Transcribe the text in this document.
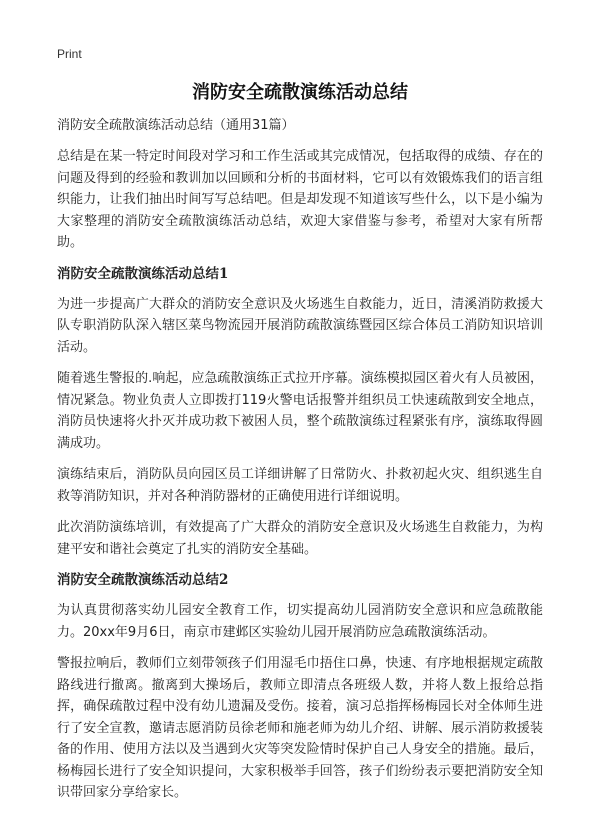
Print
消防安全疏散演练活动总结
消防安全疏散演练活动总结（通用31篇）

总结是在某一特定时间段对学习和工作生活或其完成情况，包括取得的成绩、存在的问题及得到的经验和教训加以回顾和分析的书面材料，它可以有效锻炼我们的语言组织能力，让我们抽出时间写写总结吧。但是却发现不知道该写些什么，以下是小编为大家整理的消防安全疏散演练活动总结，欢迎大家借鉴与参考，希望对大家有所帮助。

消防安全疏散演练活动总结1

为进一步提高广大群众的消防安全意识及火场逃生自救能力，近日，清溪消防救援大队专职消防队深入辖区菜鸟物流园开展消防疏散演练暨园区综合体员工消防知识培训活动。

随着逃生警报的.响起，应急疏散演练正式拉开序幕。演练模拟园区着火有人员被困，情况紧急。物业负责人立即拨打119火警电话报警并组织员工快速疏散到安全地点，消防员快速将火扑灭并成功救下被困人员，整个疏散演练过程紧张有序，演练取得圆满成功。

演练结束后，消防队员向园区员工详细讲解了日常防火、扑救初起火灾、组织逃生自救等消防知识，并对各种消防器材的正确使用进行详细说明。

此次消防演练培训，有效提高了广大群众的消防安全意识及火场逃生自救能力，为构建平安和谐社会奠定了扎实的消防安全基础。

消防安全疏散演练活动总结2

为认真贯彻落实幼儿园安全教育工作，切实提高幼儿园消防安全意识和应急疏散能力。20xx年9月6日，南京市建邺区实验幼儿园开展消防应急疏散演练活动。

警报拉响后，教师们立刻带领孩子们用湿毛巾捂住口鼻，快速、有序地根据规定疏散路线进行撤离。撤离到大操场后，教师立即清点各班级人数，并将人数上报给总指挥，确保疏散过程中没有幼儿遗漏及受伤。接着，演习总指挥杨梅园长对全体师生进行了安全宣教，邀请志愿消防员徐老师和施老师为幼儿介绍、讲解、展示消防救援装备的作用、使用方法以及当遇到火灾等突发险情时保护自己人身安全的措施。最后，杨梅园长进行了安全知识提问，大家积极举手回答，孩子们纷纷表示要把消防安全知识带回家分享给家长。
